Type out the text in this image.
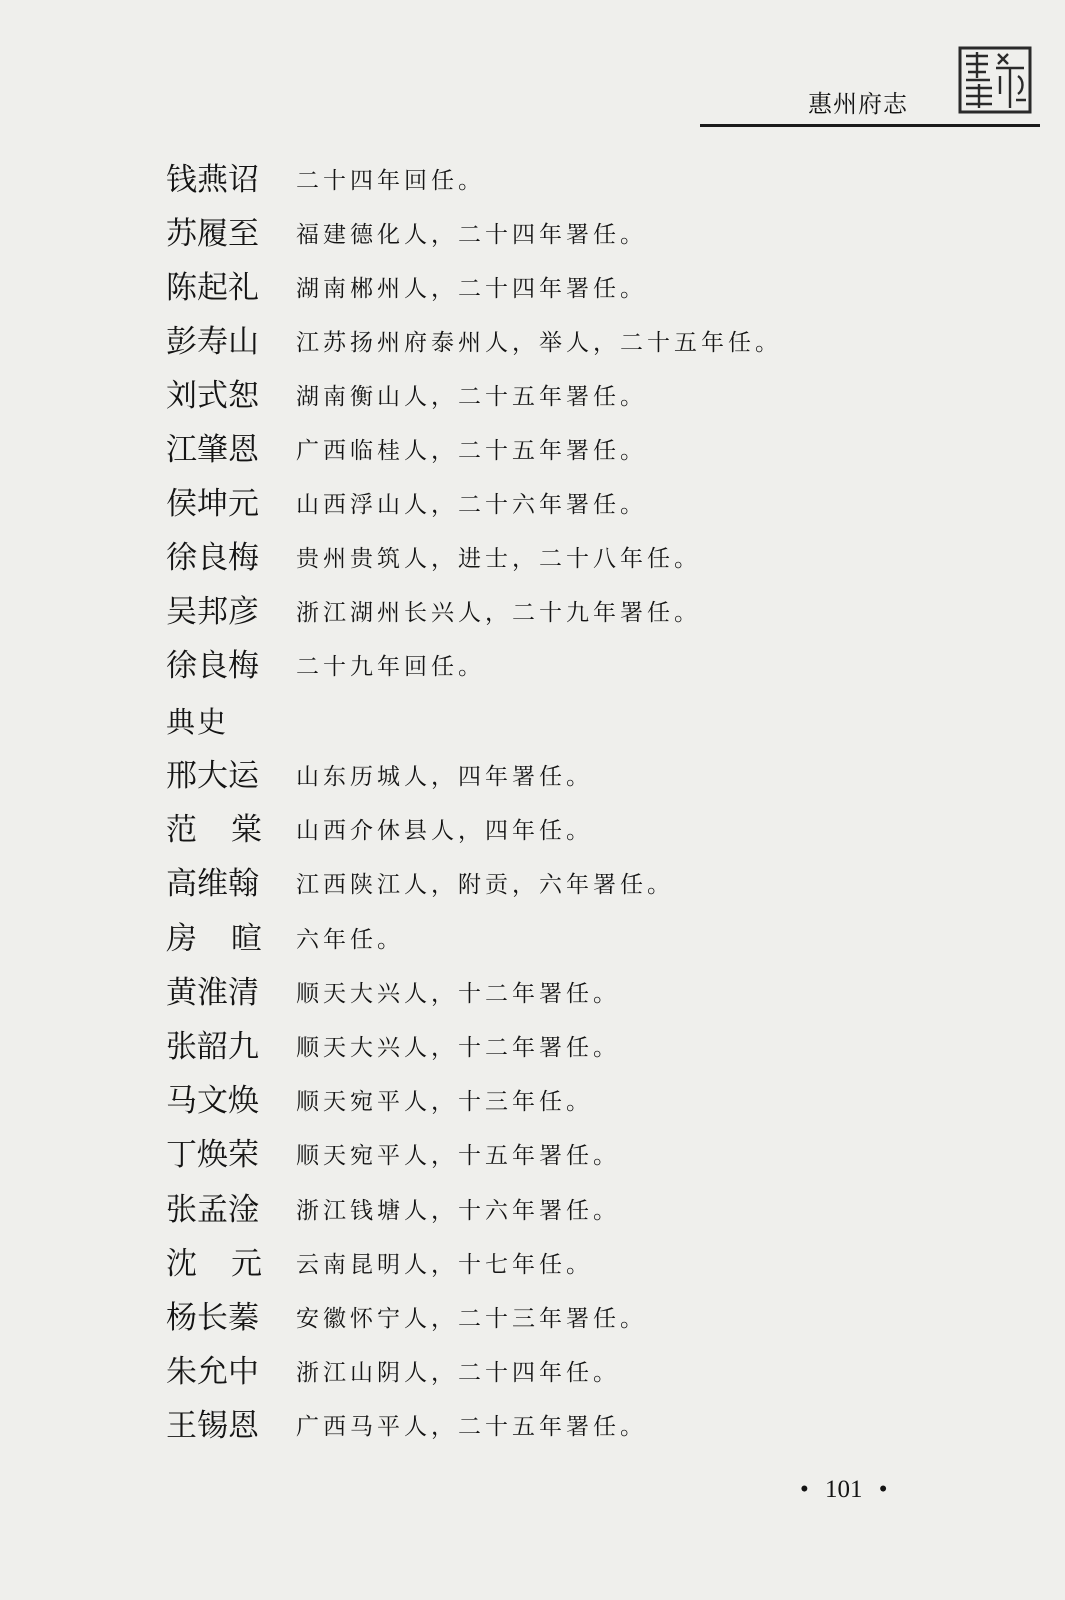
惠州府志
钱燕诏 二十四年回任。
苏履至 福建德化人，二十四年署任。
陈起礼 湖南郴州人，二十四年署任。
彭寿山 江苏扬州府泰州人，举人，二十五年任。
刘式恕 湖南衡山人，二十五年署任。
江肇恩 广西临桂人，二十五年署任。
侯坤元 山西浮山人，二十六年署任。
徐良梅 贵州贵筑人，进士，二十八年任。
吴邦彦 浙江湖州长兴人，二十九年署任。
徐良梅 二十九年回任。
典史
邢大运 山东历城人，四年署任。
范 棠 山西介休县人，四年任。
高维翰 江西陕江人，附贡，六年署任。
房 暄 六年任。
黄淮清 顺天大兴人，十二年署任。
张韶九 顺天大兴人，十二年署任。
马文焕 顺天宛平人，十三年任。
丁焕荣 顺天宛平人，十五年署任。
张孟淦 浙江钱塘人，十六年署任。
沈 元 云南昆明人，十七年任。
杨长蓁 安徽怀宁人，二十三年署任。
朱允中 浙江山阴人，二十四年任。
王锡恩 广西马平人，二十五年署任。
• 101 •
